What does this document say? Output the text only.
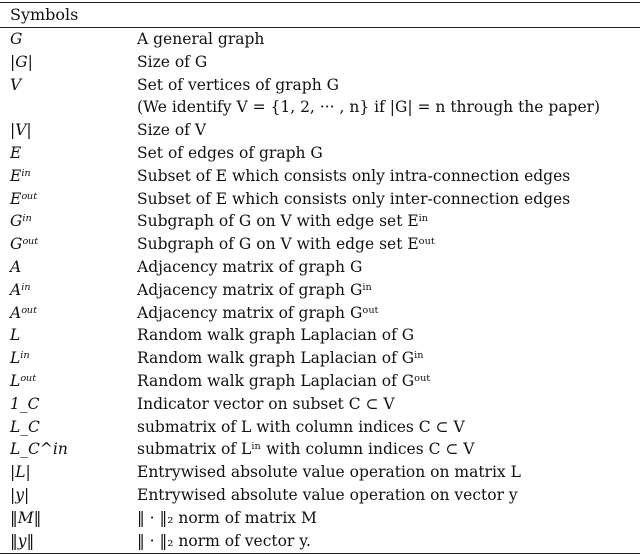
Symbols
G	A general graph
|G|	Size of G
V	Set of vertices of graph G
(We identify V = {1, 2, ··· , n} if |G| = n through the paper)
|V|	Size of V
E	Set of edges of graph G
Eⁱⁿ	Subset of E which consists only intra-connection edges
Eᵒᵘᵗ	Subset of E which consists only inter-connection edges
Gⁱⁿ	Subgraph of G on V with edge set Eⁱⁿ
Gᵒᵘᵗ	Subgraph of G on V with edge set Eᵒᵘᵗ
A	Adjacency matrix of graph G
Aⁱⁿ	Adjacency matrix of graph Gⁱⁿ
Aᵒᵘᵗ	Adjacency matrix of graph Gᵒᵘᵗ
L	Random walk graph Laplacian of G
Lⁱⁿ	Random walk graph Laplacian of Gⁱⁿ
Lᵒᵘᵗ	Random walk graph Laplacian of Gᵒᵘᵗ
1_C	Indicator vector on subset C ⊂ V
L_C	submatrix of L with column indices C ⊂ V
L_C^in	submatrix of Lⁱⁿ with column indices C ⊂ V
|L|	Entrywised absolute value operation on matrix L
|y|	Entrywised absolute value operation on vector y
‖M‖	‖ · ‖₂ norm of matrix M
‖y‖	‖ · ‖₂ norm of vector y.
